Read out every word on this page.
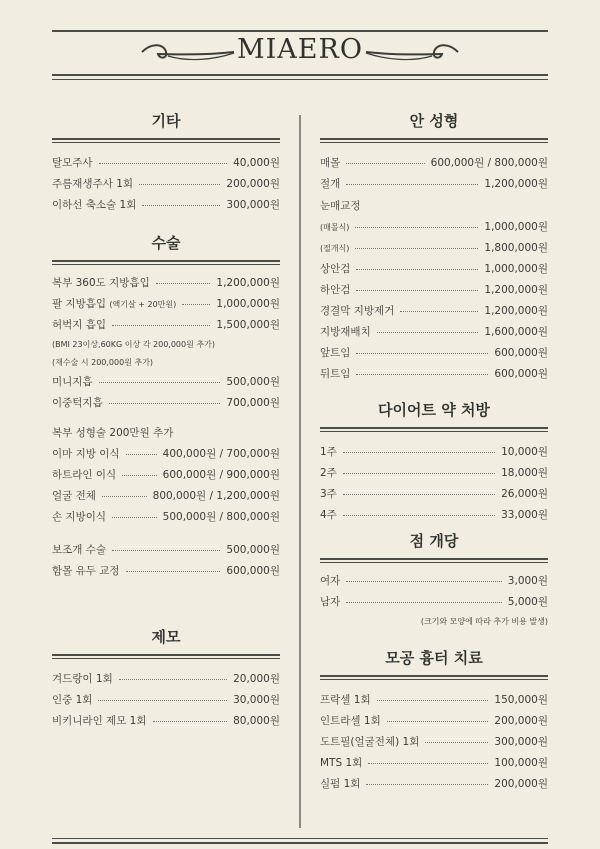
MIAERO
기타
탈모주사	40,000원
주름재생주사 1회	200,000원
이하선 축소술 1회	300,000원
수술
복부 360도 지방흡입	1,200,000원
팔 지방흡입 (액기살 + 20만원)	1,000,000원
허벅지 흡입	1,500,000원
(BMI 23이상,60KG 이상 각 200,000원 추가)
(재수술 시 200,000원 추가)
미니지흡	500,000원
이중턱지흡	700,000원
복부 성형술 200만원 추가
이마 지방 이식	400,000원 / 700,000원
하트라인 이식	600,000원 / 900,000원
얼굴 전체	800,000원 / 1,200,000원
손 지방이식	500,000원 / 800,000원
보조개 수술	500,000원
함몰 유두 교정	600,000원
제모
겨드랑이 1회	20,000원
인중 1회	30,000원
비키니라인 제모 1회	80,000원
안 성형
매몰	600,000원 / 800,000원
절개	1,200,000원
눈매교정
(매몰식)	1,000,000원
(절개식)	1,800,000원
상안검	1,000,000원
하안검	1,200,000원
경결막 지방제거	1,200,000원
지방재배치	1,600,000원
앞트임	600,000원
뒤트임	600,000원
다이어트 약 처방
1주	10,000원
2주	18,000원
3주	26,000원
4주	33,000원
점 개당
여자	3,000원
남자	5,000원
(크기와 모양에 따라 추가 비용 발생)
모공 흉터 치료
프락셀 1회	150,000원
인트라셀 1회	200,000원
도트필(얼굴전체) 1회	300,000원
MTS 1회	100,000원
실펌 1회	200,000원
